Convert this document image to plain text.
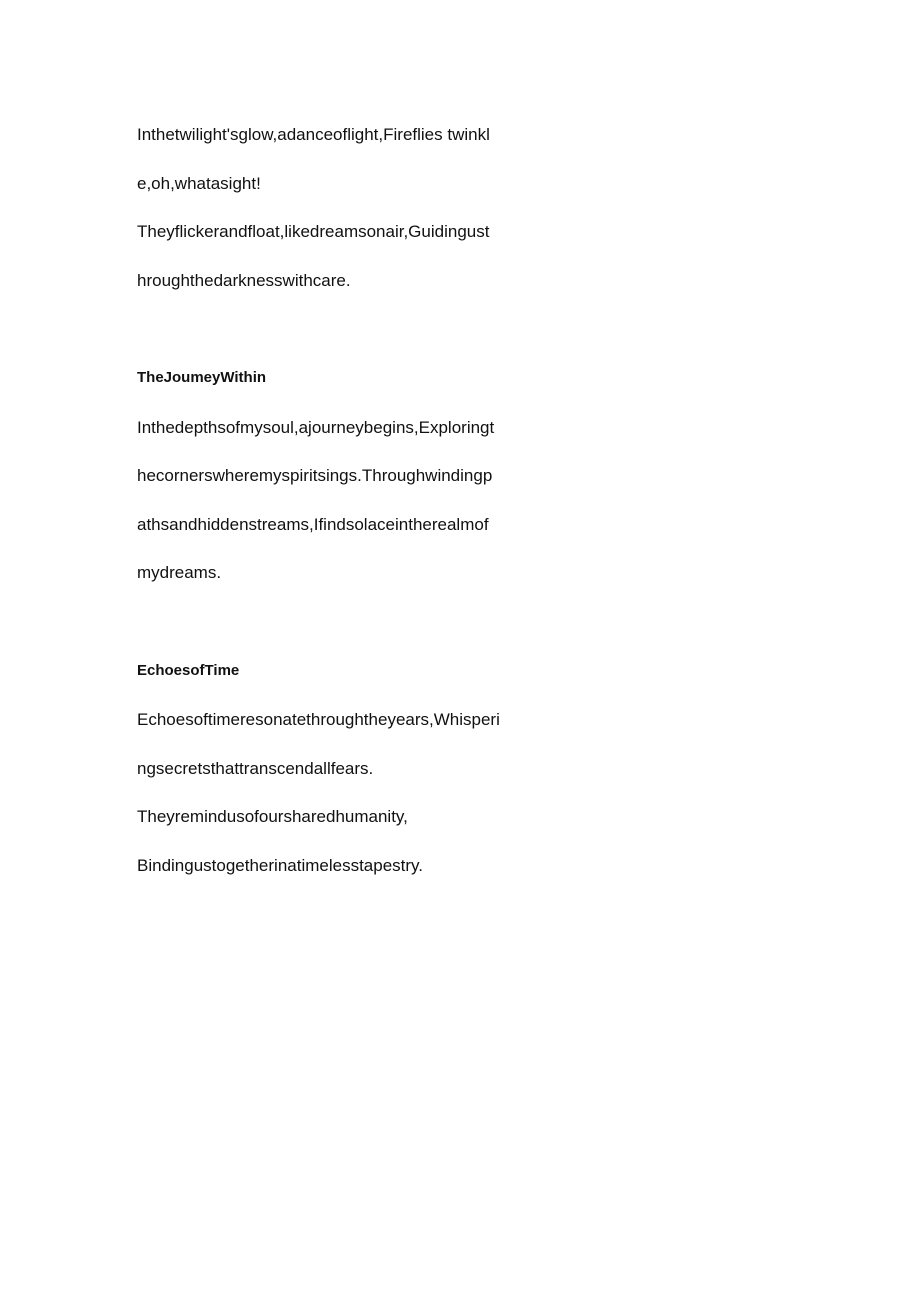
Inthetwilight'sglow,adanceoflight,Fireflies twinkl
e,oh,whatasight!
Theyflickerandfloat,likedreamsonair,Guidingust
hroughthedarknesswithcare.
TheJoumeyWithin
Inthedepthsofmysoul,ajourneybegins,Exploringt
hecornerswheremyspiritsings.Throughwindingp
athsandhiddenstreams,Ifindsolaceintherealmof
mydreams.
EchoesofTime
Echoesoftimeresonatethroughtheyears,Whisperi
ngsecretsthattranscendallfears.
Theyremindusofoursharedhumanity,
Bindingustogetherinatimelesstapestry.
